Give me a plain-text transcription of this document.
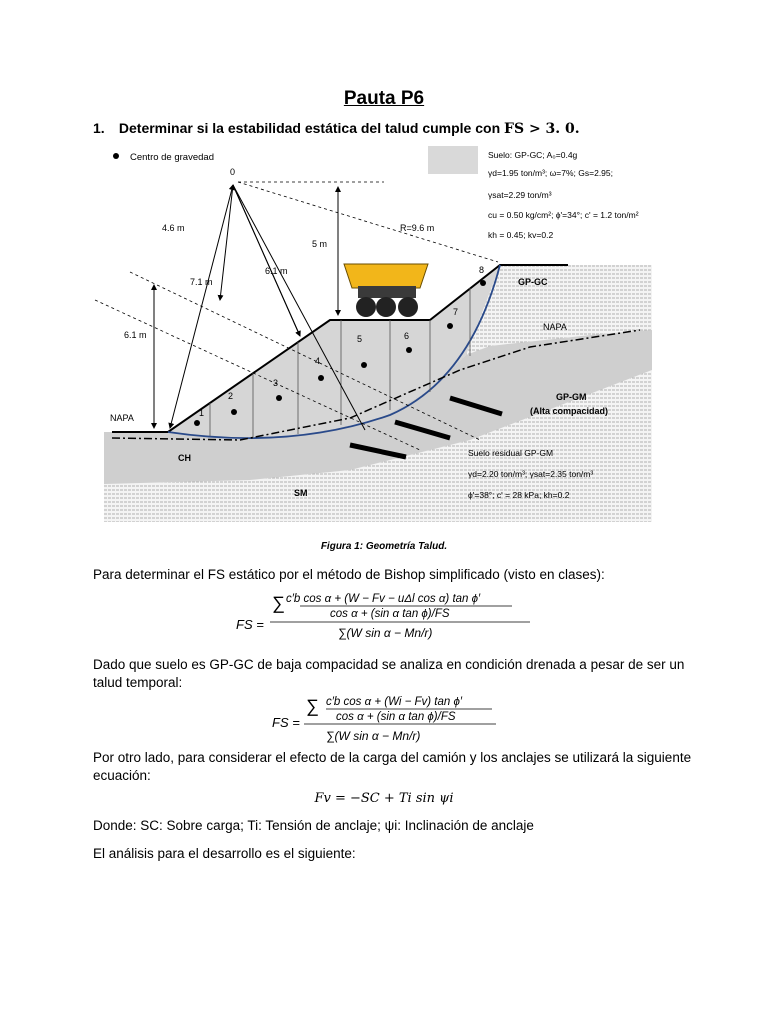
Pauta P6
1. Determinar si la estabilidad estática del talud cumple con FS > 3. 0.
Centro de gravedad
0
4.6 m
7.1 m
6.1 m
6.1 m
5 m
R=9.6 m
NAPA
NAPA
1
2
3
4
5	6
7
8
GP-GC
GP-GM
(Alta compacidad)
CH
SM
Suelo: GP-GC; A₀=0.4g
γd=1.95 ton/m³; ω=7%; Gs=2.95;
γsat=2.29 ton/m³
cu = 0.50 kg/cm²; ϕ'=34°; c' = 1.2 ton/m²
kh = 0.45; kv=0.2
Suelo residual GP-GM
γd=2.20 ton/m³; γsat=2.35 ton/m³
ϕ'=38°; c' = 28 kPa; kh=0.2
Figura 1: Geometría Talud.
Para determinar el FS estático por el método de Bishop simplificado (visto en clases):
FS =
∑ c′b cos α + (W − Fv − uΔl cos α) tan ϕ′
cos α + (sin α tan ϕ)/FS
∑(W sin α − Mn/r)
Dado que suelo es GP-GC de baja compacidad se analiza en condición drenada a pesar de ser un talud temporal:
FS =
∑ c′b cos α + (Wi − Fv) tan ϕ′
cos α + (sin α tan ϕ)/FS
∑(W sin α − Mn/r)
Por otro lado, para considerar el efecto de la carga del camión y los anclajes se utilizará la siguiente ecuación:
Fv = −SC + Ti sin ψi
Donde: SC: Sobre carga; Ti: Tensión de anclaje; ψi: Inclinación de anclaje
El análisis para el desarrollo es el siguiente:
